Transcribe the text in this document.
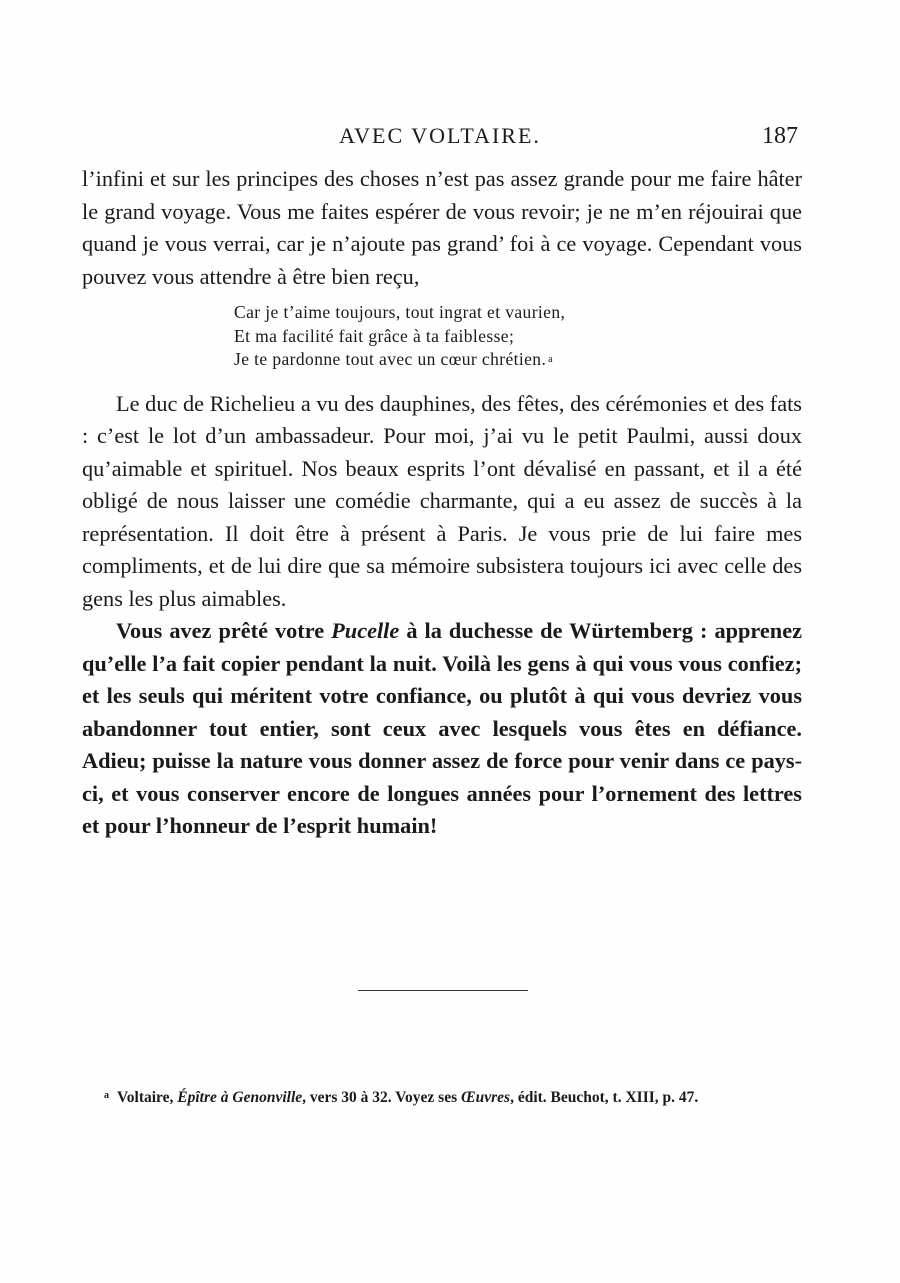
AVEC VOLTAIRE.	187

l’infini et sur les principes des choses n’est pas assez grande pour me faire hâter le grand voyage. Vous me faites espérer de vous revoir; je ne m’en réjouirai que quand je vous verrai, car je n’ajoute pas grand’ foi à ce voyage. Cependant vous pouvez vous attendre à être bien reçu,

Car je t’aime toujours, tout ingrat et vaurien,
Et ma facilité fait grâce à ta faiblesse;
Je te pardonne tout avec un cœur chrétien. a

Le duc de Richelieu a vu des dauphines, des fêtes, des cérémonies et des fats : c’est le lot d’un ambassadeur. Pour moi, j’ai vu le petit Paulmi, aussi doux qu’aimable et spirituel. Nos beaux esprits l’ont dévalisé en passant, et il a été obligé de nous laisser une comédie charmante, qui a eu assez de succès à la représentation. Il doit être à présent à Paris. Je vous prie de lui faire mes compliments, et de lui dire que sa mémoire subsistera toujours ici avec celle des gens les plus aimables.

Vous avez prêté votre Pucelle à la duchesse de Würtemberg : apprenez qu’elle l’a fait copier pendant la nuit. Voilà les gens à qui vous vous confiez; et les seuls qui méritent votre confiance, ou plutôt à qui vous devriez vous abandonner tout entier, sont ceux avec lesquels vous êtes en défiance. Adieu; puisse la nature vous donner assez de force pour venir dans ce pays-ci, et vous conserver encore de longues années pour l’ornement des lettres et pour l’honneur de l’esprit humain!

$^a$ Voltaire, Épître à Genonville, vers 30 à 32. Voyez ses Œuvres, édit. Beuchot, t. XIII, p. 47.
